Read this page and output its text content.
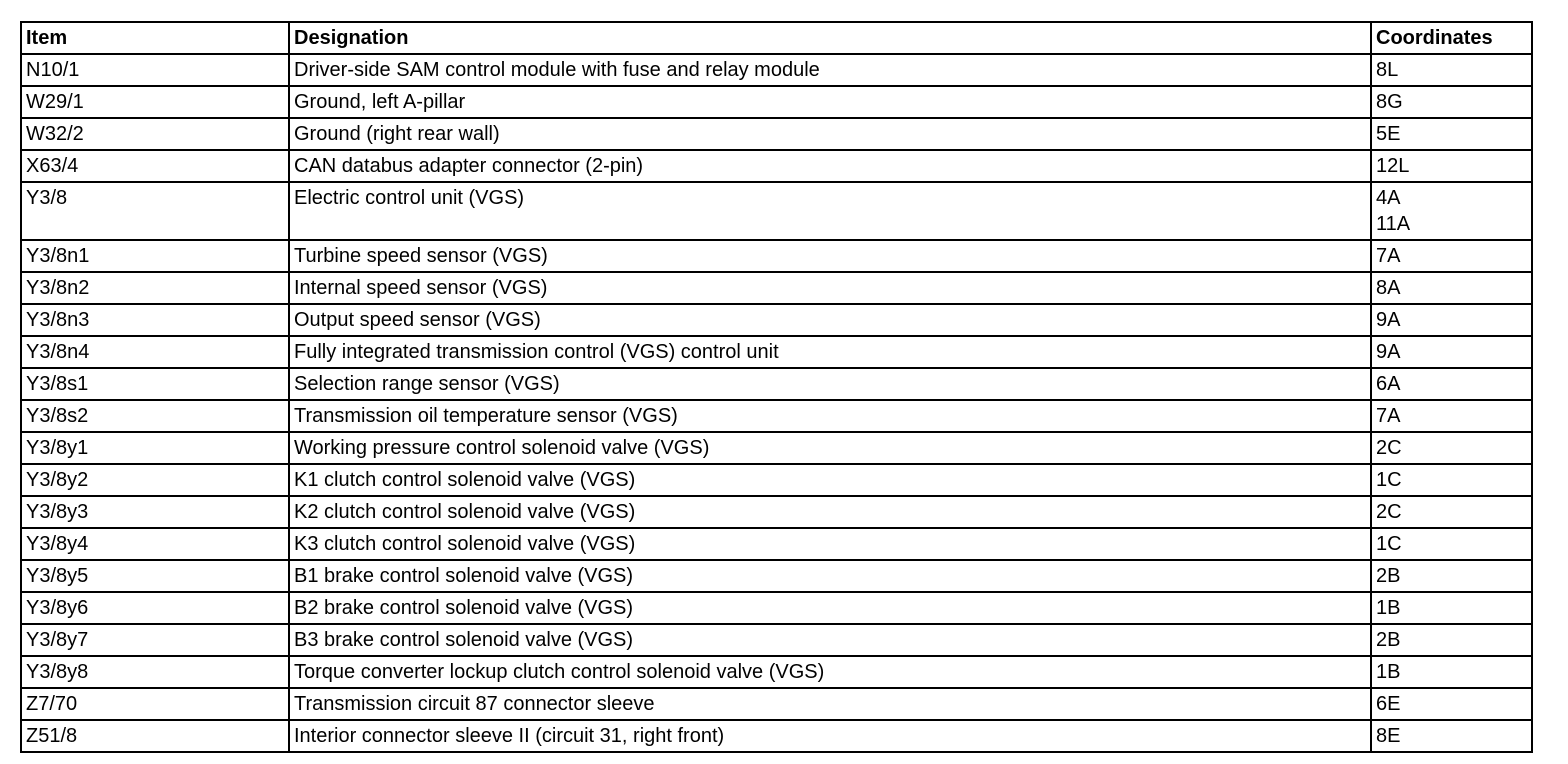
Item	Designation	Coordinates
N10/1	Driver-side SAM control module with fuse and relay module	8L

W29/1	Ground, left A-pillar	8G

W32/2	Ground (right rear wall)	5E

X63/4	CAN databus adapter connector (2-pin)	12L

Y3/8	Electric control unit (VGS)	4A
11A

Y3/8n1	Turbine speed sensor (VGS)	7A

Y3/8n2	Internal speed sensor (VGS)	8A

Y3/8n3	Output speed sensor (VGS)	9A

Y3/8n4	Fully integrated transmission control (VGS) control unit	9A

Y3/8s1	Selection range sensor (VGS)	6A

Y3/8s2	Transmission oil temperature sensor (VGS)	7A

Y3/8y1	Working pressure control solenoid valve (VGS)	2C

Y3/8y2	K1 clutch control solenoid valve (VGS)	1C

Y3/8y3	K2 clutch control solenoid valve (VGS)	2C

Y3/8y4	K3 clutch control solenoid valve (VGS)	1C

Y3/8y5	B1 brake control solenoid valve (VGS)	2B

Y3/8y6	B2 brake control solenoid valve (VGS)	1B

Y3/8y7	B3 brake control solenoid valve (VGS)	2B

Y3/8y8	Torque converter lockup clutch control solenoid valve (VGS)	1B

Z7/70	Transmission circuit 87 connector sleeve	6E

Z51/8	Interior connector sleeve II (circuit 31, right front)	8E
